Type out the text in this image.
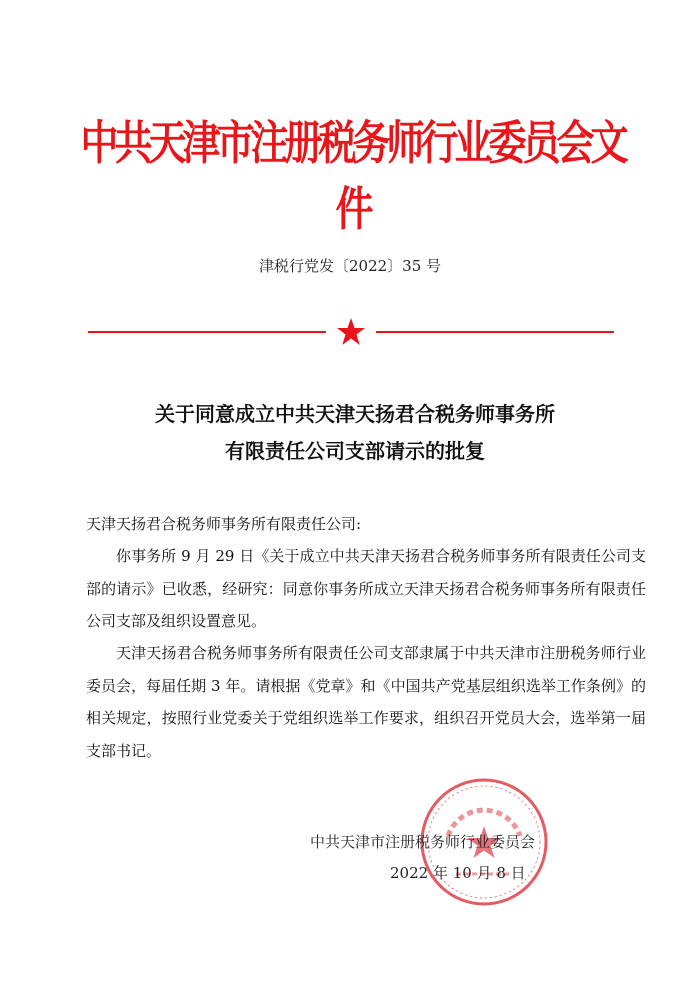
中共天津市注册税务师行业委员会文件
津税行党发〔2022〕35 号
关于同意成立中共天津天扬君合税务师事务所
有限责任公司支部请示的批复
天津天扬君合税务师事务所有限责任公司:
你事务所 9 月 29 日《关于成立中共天津天扬君合税务师事务所有限责任公司支部的请示》已收悉，经研究：同意你事务所成立天津天扬君合税务师事务所有限责任公司支部及组织设置意见。
天津天扬君合税务师事务所有限责任公司支部隶属于中共天津市注册税务师行业委员会，每届任期 3 年。请根据《党章》和《中国共产党基层组织选举工作条例》的相关规定，按照行业党委关于党组织选举工作要求，组织召开党员大会，选举第一届支部书记。
中共天津市注册税务师行业委员会
2022 年 10 月 8 日
